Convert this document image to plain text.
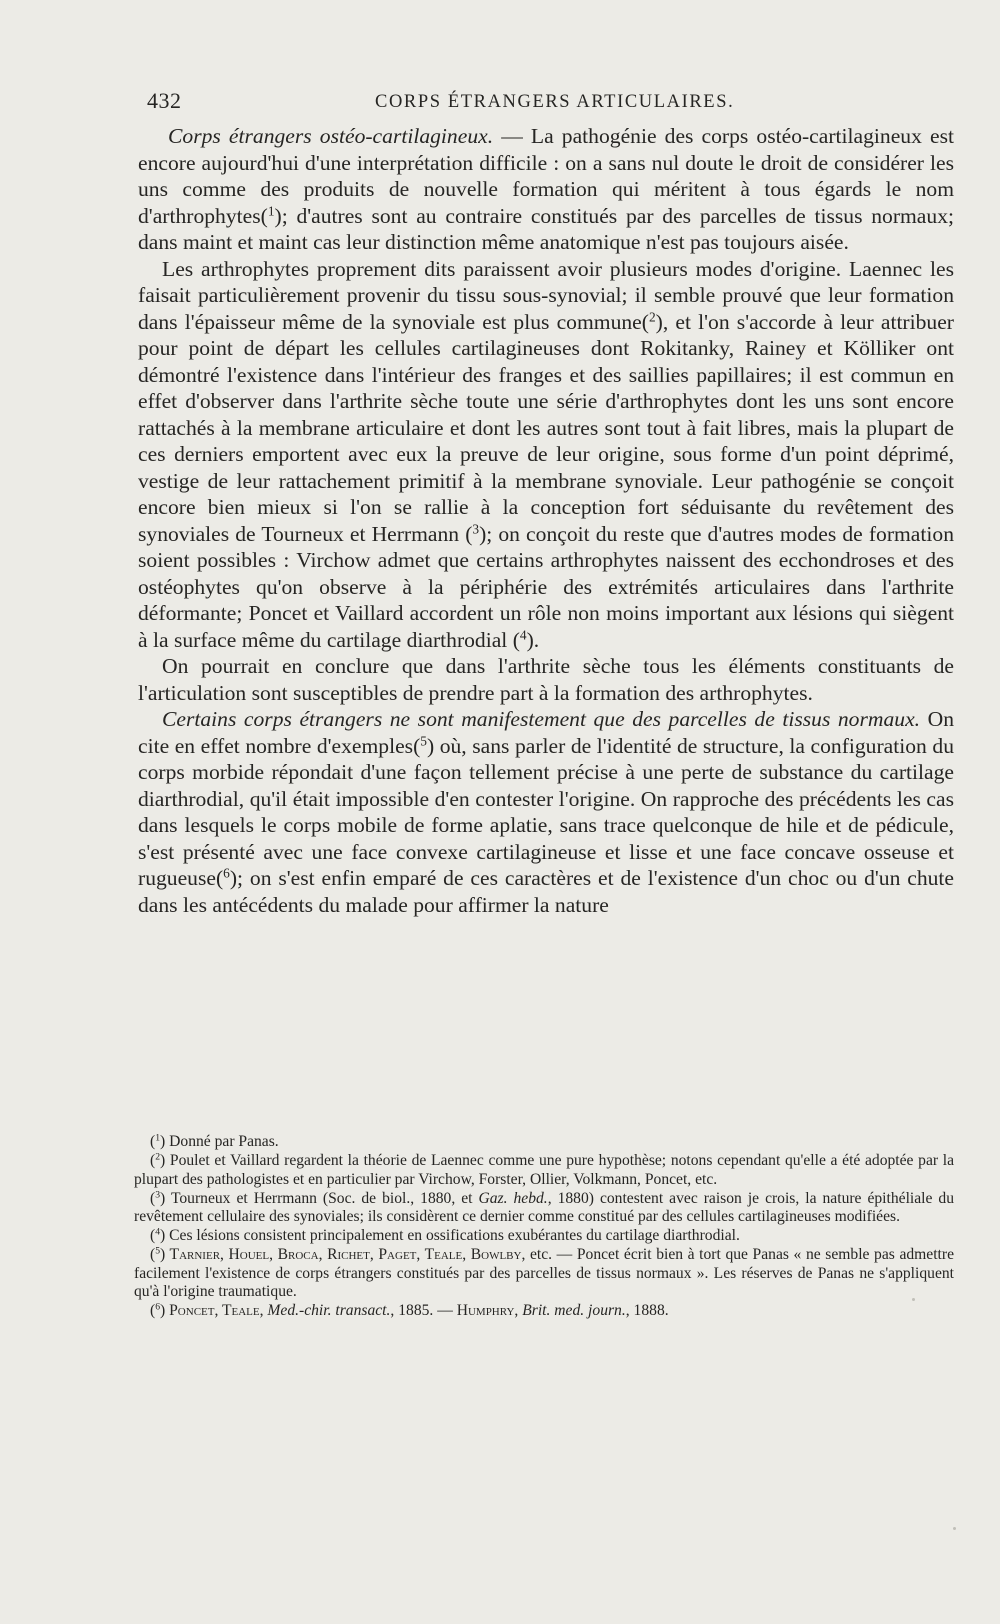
432	CORPS ÉTRANGERS ARTICULAIRES.

Corps étrangers ostéo-cartilagineux. — La pathogénie des corps ostéo-cartilagineux est encore aujourd'hui d'une interprétation difficile : on a sans nul doute le droit de considérer les uns comme des produits de nouvelle formation qui méritent à tous égards le nom d'arthrophytes($^1$); d'autres sont au contraire constitués par des parcelles de tissus normaux; dans maint et maint cas leur distinction même anatomique n'est pas toujours aisée.

Les arthrophytes proprement dits paraissent avoir plusieurs modes d'origine. Laennec les faisait particulièrement provenir du tissu sous-synovial; il semble prouvé que leur formation dans l'épaisseur même de la synoviale est plus commune($^2$), et l'on s'accorde à leur attribuer pour point de départ les cellules cartilagineuses dont Rokitanky, Rainey et Kölliker ont démontré l'existence dans l'intérieur des franges et des saillies papillaires; il est commun en effet d'observer dans l'arthrite sèche toute une série d'arthrophytes dont les uns sont encore rattachés à la membrane articulaire et dont les autres sont tout à fait libres, mais la plupart de ces derniers emportent avec eux la preuve de leur origine, sous forme d'un point déprimé, vestige de leur rattachement primitif à la membrane synoviale. Leur pathogénie se conçoit encore bien mieux si l'on se rallie à la conception fort séduisante du revêtement des synoviales de Tourneux et Herrmann ($^3$); on conçoit du reste que d'autres modes de formation soient possibles : Virchow admet que certains arthrophytes naissent des ecchondroses et des ostéophytes qu'on observe à la périphérie des extrémités articulaires dans l'arthrite déformante; Poncet et Vaillard accordent un rôle non moins important aux lésions qui siègent à la surface même du cartilage diarthrodial ($^4$).

On pourrait en conclure que dans l'arthrite sèche tous les éléments constituants de l'articulation sont susceptibles de prendre part à la formation des arthrophytes.

Certains corps étrangers ne sont manifestement que des parcelles de tissus normaux. On cite en effet nombre d'exemples($^5$) où, sans parler de l'identité de structure, la configuration du corps morbide répondait d'une façon tellement précise à une perte de substance du cartilage diarthrodial, qu'il était impossible d'en contester l'origine. On rapproche des précédents les cas dans lesquels le corps mobile de forme aplatie, sans trace quelconque de hile et de pédicule, s'est présenté avec une face convexe cartilagineuse et lisse et une face concave osseuse et rugueuse($^6$); on s'est enfin emparé de ces caractères et de l'existence d'un choc ou d'un chute dans les antécédents du malade pour affirmer la nature

($^1$) Donné par Panas.

($^2$) Poulet et Vaillard regardent la théorie de Laennec comme une pure hypothèse; notons cependant qu'elle a été adoptée par la plupart des pathologistes et en particulier par Virchow, Forster, Ollier, Volkmann, Poncet, etc.

($^3$) Tourneux et Herrmann (Soc. de biol., 1880, et Gaz. hebd., 1880) contestent avec raison je crois, la nature épithéliale du revêtement cellulaire des synoviales; ils considèrent ce dernier comme constitué par des cellules cartilagineuses modifiées.

($^4$) Ces lésions consistent principalement en ossifications exubérantes du cartilage diarthrodial.

($^5$) Tarnier, Houel, Broca, Richet, Paget, Teale, Bowlby, etc. — Poncet écrit bien à tort que Panas « ne semble pas admettre facilement l'existence de corps étrangers constitués par des parcelles de tissus normaux ». Les réserves de Panas ne s'appliquent qu'à l'origine traumatique.

($^6$) Poncet, Teale, Med.-chir. transact., 1885. — Humphry, Brit. med. journ., 1888.
